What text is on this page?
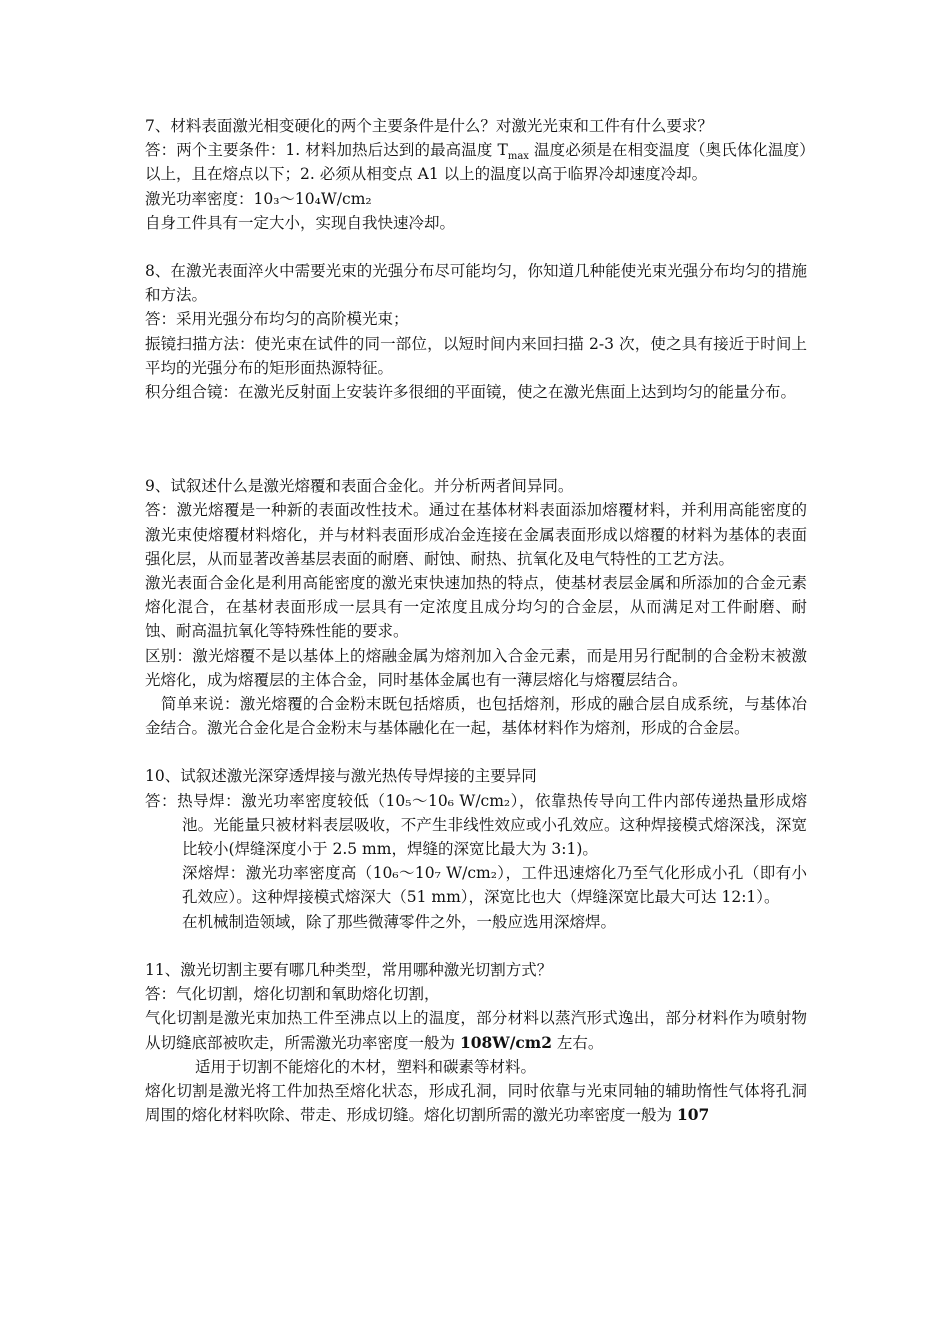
7、材料表面激光相变硬化的两个主要条件是什么？对激光光束和工件有什么要求？

答：两个主要条件：1. 材料加热后达到的最高温度 $T_{max}$ 温度必须是在相变温度（奥氏体化温度）以上，且在熔点以下；2. 必须从相变点 A1 以上的温度以高于临界冷却速度冷却。

激光功率密度：10₃～10₄W/cm₂

自身工件具有一定大小，实现自我快速冷却。

8、在激光表面淬火中需要光束的光强分布尽可能均匀，你知道几种能使光束光强分布均匀的措施和方法。

答：采用光强分布均匀的高阶模光束；

振镜扫描方法：使光束在试件的同一部位，以短时间内来回扫描 2-3 次，使之具有接近于时间上平均的光强分布的矩形面热源特征。

积分组合镜：在激光反射面上安装许多很细的平面镜，使之在激光焦面上达到均匀的能量分布。

9、试叙述什么是激光熔覆和表面合金化。并分析两者间异同。

答：激光熔覆是一种新的表面改性技术。通过在基体材料表面添加熔覆材料，并利用高能密度的激光束使熔覆材料熔化，并与材料表面形成冶金连接在金属表面形成以熔覆的材料为基体的表面强化层，从而显著改善基层表面的耐磨、耐蚀、耐热、抗氧化及电气特性的工艺方法。

激光表面合金化是利用高能密度的激光束快速加热的特点，使基材表层金属和所添加的合金元素熔化混合，在基材表面形成一层具有一定浓度且成分均匀的合金层，从而满足对工件耐磨、耐蚀、耐高温抗氧化等特殊性能的要求。

区别：激光熔覆不是以基体上的熔融金属为熔剂加入合金元素，而是用另行配制的合金粉末被激光熔化，成为熔覆层的主体合金，同时基体金属也有一薄层熔化与熔覆层结合。

简单来说：激光熔覆的合金粉末既包括熔质，也包括熔剂，形成的融合层自成系统，与基体冶金结合。激光合金化是合金粉末与基体融化在一起，基体材料作为熔剂，形成的合金层。

10、试叙述激光深穿透焊接与激光热传导焊接的主要异同

答：热导焊：激光功率密度较低（10₅～10₆ W/cm₂），依靠热传导向工件内部传递热量形成熔池。光能量只被材料表层吸收，不产生非线性效应或小孔效应。这种焊接模式熔深浅，深宽比较小(焊缝深度小于 2.5 mm，焊缝的深宽比最大为 3:1)。

深熔焊：激光功率密度高（10₆～10₇ W/cm₂），工件迅速熔化乃至气化形成小孔（即有小孔效应）。这种焊接模式熔深大（51 mm），深宽比也大（焊缝深宽比最大可达 12:1）。

在机械制造领域，除了那些微薄零件之外，一般应选用深熔焊。

11、激光切割主要有哪几种类型，常用哪种激光切割方式？

答：气化切割，熔化切割和氧助熔化切割，

气化切割是激光束加热工件至沸点以上的温度，部分材料以蒸汽形式逸出，部分材料作为喷射物从切缝底部被吹走，所需激光功率密度一般为 108W/cm2 左右。

适用于切割不能熔化的木材，塑料和碳素等材料。

熔化切割是激光将工件加热至熔化状态，形成孔洞，同时依靠与光束同轴的辅助惰性气体将孔洞周围的熔化材料吹除、带走、形成切缝。熔化切割所需的激光功率密度一般为 107
